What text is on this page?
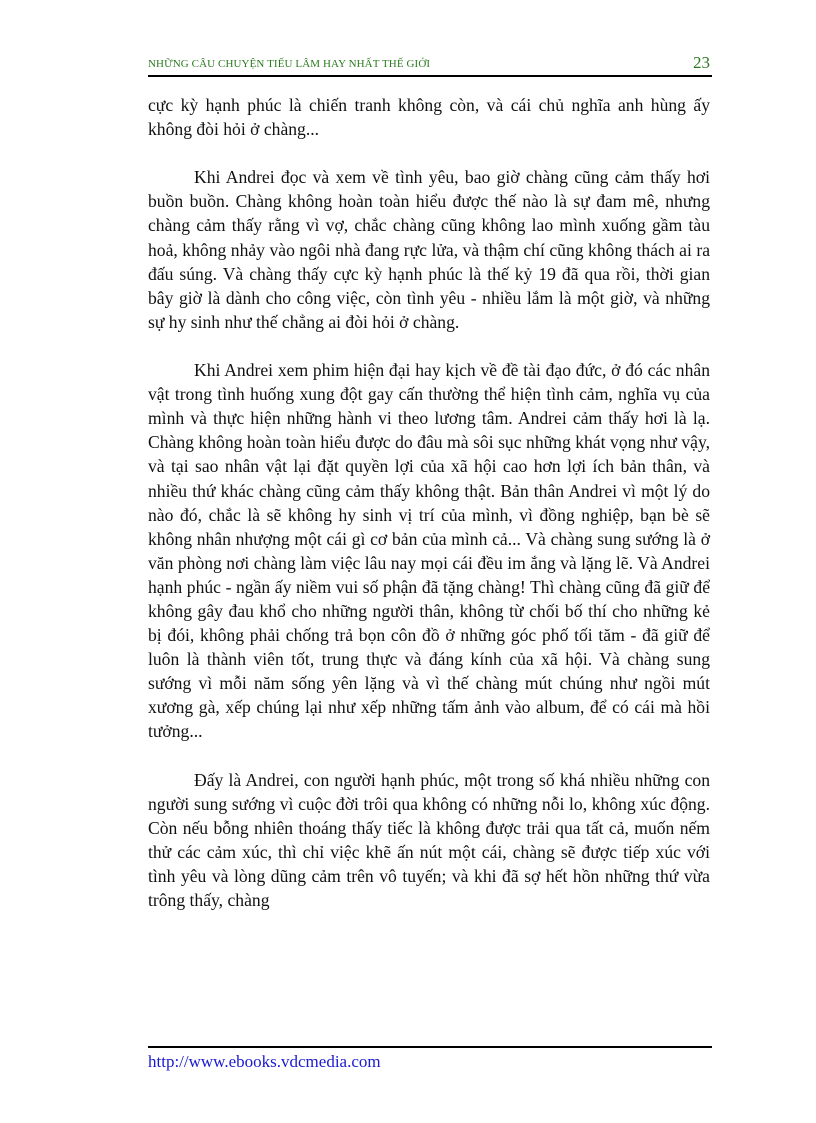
NHỮNG CÂU CHUYỆN TIẾU LÂM HAY NHẤT THẾ GIỚI	23

cực kỳ hạnh phúc là chiến tranh không còn, và cái chủ nghĩa anh hùng ấy không đòi hỏi ở chàng...

Khi Andrei đọc và xem về tình yêu, bao giờ chàng cũng cảm thấy hơi buồn buồn. Chàng không hoàn toàn hiểu được thế nào là sự đam mê, nhưng chàng cảm thấy rằng vì vợ, chắc chàng cũng không lao mình xuống gầm tàu hoả, không nhảy vào ngôi nhà đang rực lửa, và thậm chí cũng không thách ai ra đấu súng. Và chàng thấy cực kỳ hạnh phúc là thế kỷ 19 đã qua rồi, thời gian bây giờ là dành cho công việc, còn tình yêu - nhiều lắm là một giờ, và những sự hy sinh như thế chẳng ai đòi hỏi ở chàng.

Khi Andrei xem phim hiện đại hay kịch về đề tài đạo đức, ở đó các nhân vật trong tình huống xung đột gay cấn thường thể hiện tình cảm, nghĩa vụ của mình và thực hiện những hành vi theo lương tâm. Andrei cảm thấy hơi là lạ. Chàng không hoàn toàn hiểu được do đâu mà sôi sục những khát vọng như vậy, và tại sao nhân vật lại đặt quyền lợi của xã hội cao hơn lợi ích bản thân, và nhiều thứ khác chàng cũng cảm thấy không thật. Bản thân Andrei vì một lý do nào đó, chắc là sẽ không hy sinh vị trí của mình, vì đồng nghiệp, bạn bè sẽ không nhân nhượng một cái gì cơ bản của mình cả... Và chàng sung sướng là ở văn phòng nơi chàng làm việc lâu nay mọi cái đều im ắng và lặng lẽ. Và Andrei hạnh phúc - ngần ấy niềm vui số phận đã tặng chàng! Thì chàng cũng đã giữ để không gây đau khổ cho những người thân, không từ chối bố thí cho những kẻ bị đói, không phải chống trả bọn côn đồ ở những góc phố tối tăm - đã giữ để luôn là thành viên tốt, trung thực và đáng kính của xã hội. Và chàng sung sướng vì mỗi năm sống yên lặng và vì thế chàng mút chúng như ngồi mút xương gà, xếp chúng lại như xếp những tấm ảnh vào album, để có cái mà hồi tưởng...

Đấy là Andrei, con người hạnh phúc, một trong số khá nhiều những con người sung sướng vì cuộc đời trôi qua không có những nỗi lo, không xúc động. Còn nếu bỗng nhiên thoáng thấy tiếc là không được trải qua tất cả, muốn nếm thử các cảm xúc, thì chỉ việc khẽ ấn nút một cái, chàng sẽ được tiếp xúc với tình yêu và lòng dũng cảm trên vô tuyến; và khi đã sợ hết hồn những thứ vừa trông thấy, chàng

http://www.ebooks.vdcmedia.com
